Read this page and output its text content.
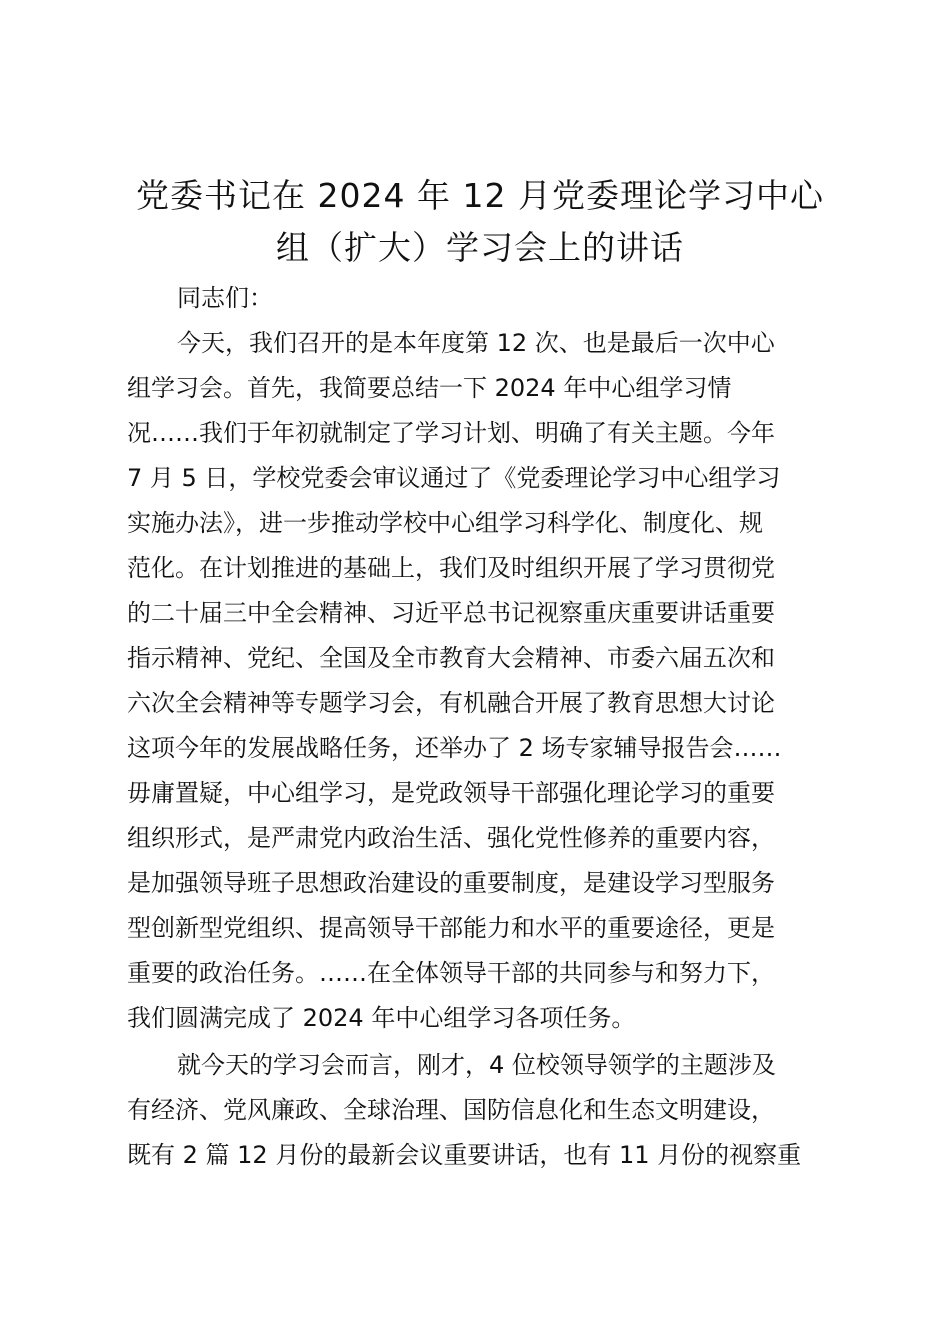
党委书记在 2024 年 12 月党委理论学习中心
组（扩大）学习会上的讲话
同志们：
今天，我们召开的是本年度第 12 次、也是最后一次中心
组学习会。首先，我简要总结一下 2024 年中心组学习情
况……我们于年初就制定了学习计划、明确了有关主题。今年
7 月 5 日，学校党委会审议通过了《党委理论学习中心组学习
实施办法》，进一步推动学校中心组学习科学化、制度化、规
范化。在计划推进的基础上，我们及时组织开展了学习贯彻党
的二十届三中全会精神、习近平总书记视察重庆重要讲话重要
指示精神、党纪、全国及全市教育大会精神、市委六届五次和
六次全会精神等专题学习会，有机融合开展了教育思想大讨论
这项今年的发展战略任务，还举办了 2 场专家辅导报告会……
毋庸置疑，中心组学习，是党政领导干部强化理论学习的重要
组织形式，是严肃党内政治生活、强化党性修养的重要内容，
是加强领导班子思想政治建设的重要制度，是建设学习型服务
型创新型党组织、提高领导干部能力和水平的重要途径，更是
重要的政治任务。……在全体领导干部的共同参与和努力下，
我们圆满完成了 2024 年中心组学习各项任务。
就今天的学习会而言，刚才，4 位校领导领学的主题涉及
有经济、党风廉政、全球治理、国防信息化和生态文明建设，
既有 2 篇 12 月份的最新会议重要讲话，也有 11 月份的视察重
